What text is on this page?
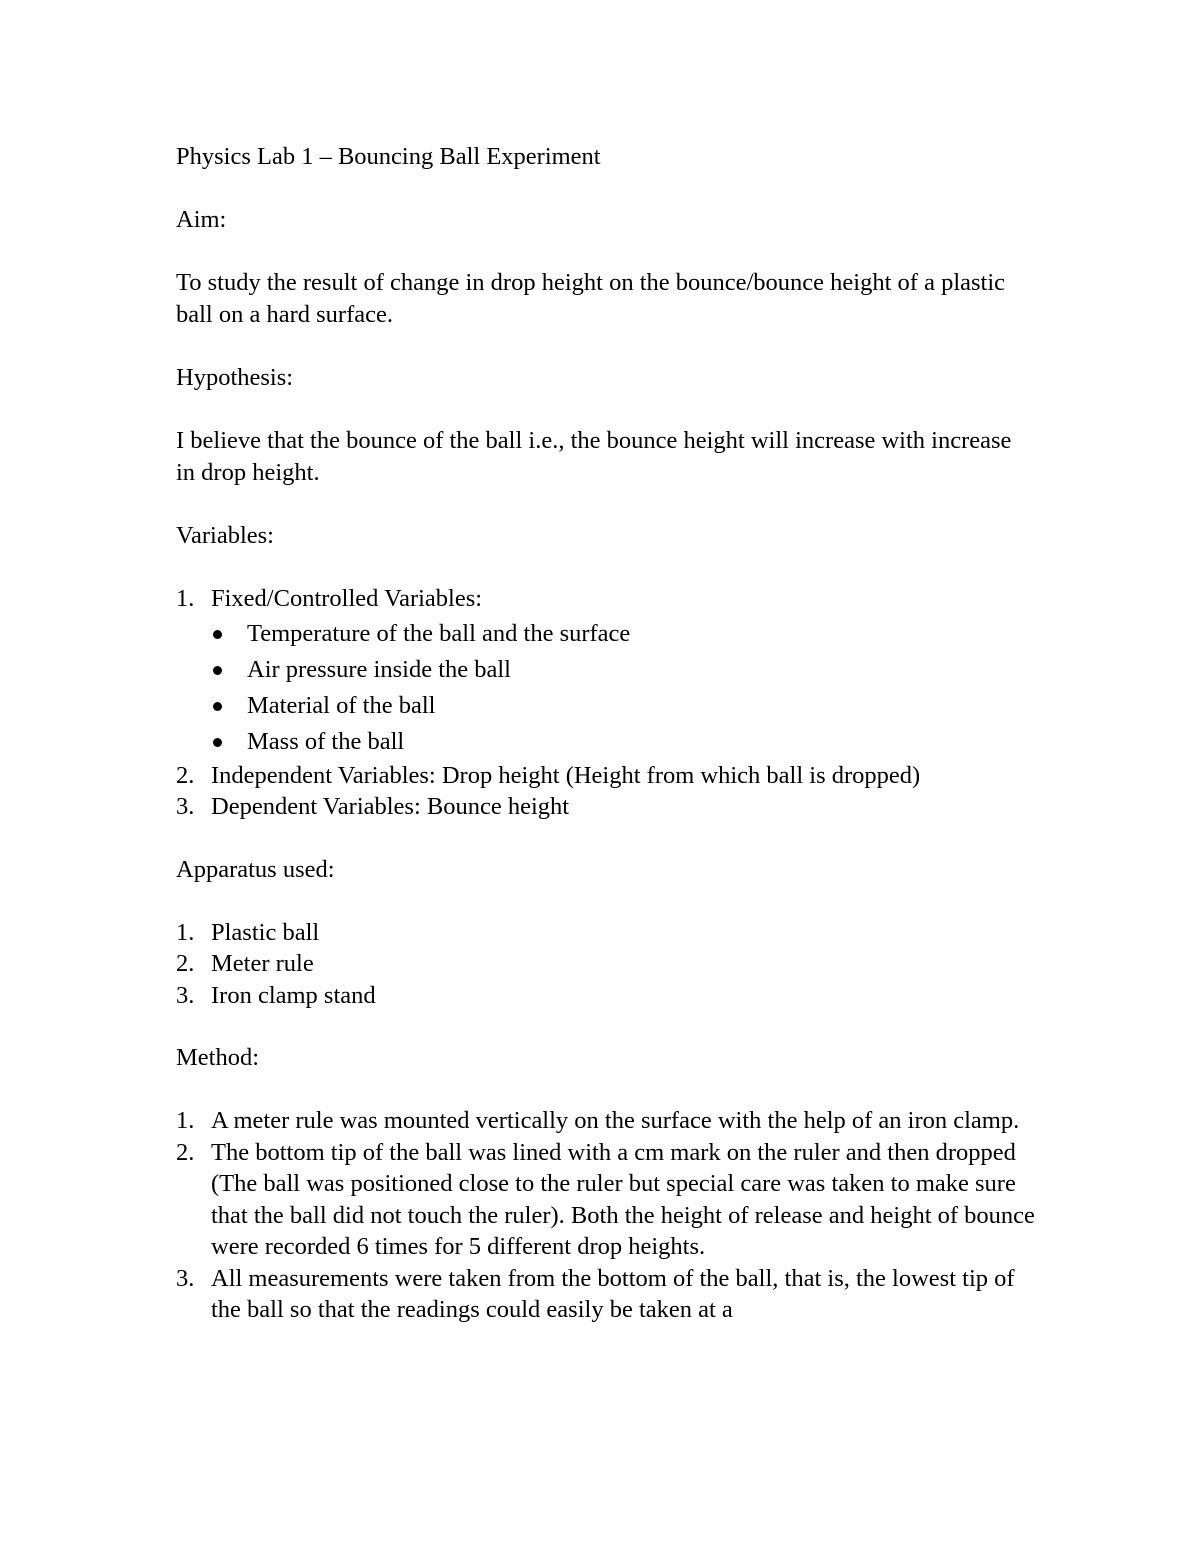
Physics Lab 1 – Bouncing Ball Experiment

Aim:

To study the result of change in drop height on the bounce/bounce height of a plastic ball on a hard surface.

Hypothesis:

I believe that the bounce of the ball i.e., the bounce height will increase with increase in drop height.

Variables:

1. Fixed/Controlled Variables:
Temperature of the ball and the surface
Air pressure inside the ball
Material of the ball
Mass of the ball
2. Independent Variables: Drop height (Height from which ball is dropped)
3. Dependent Variables: Bounce height

Apparatus used:

1. Plastic ball
2. Meter rule
3. Iron clamp stand

Method:

1. A meter rule was mounted vertically on the surface with the help of an iron clamp.
2. The bottom tip of the ball was lined with a cm mark on the ruler and then dropped (The ball was positioned close to the ruler but special care was taken to make sure that the ball did not touch the ruler). Both the height of release and height of bounce were recorded 6 times for 5 different drop heights.
3. All measurements were taken from the bottom of the ball, that is, the lowest tip of the ball so that the readings could easily be taken at a
